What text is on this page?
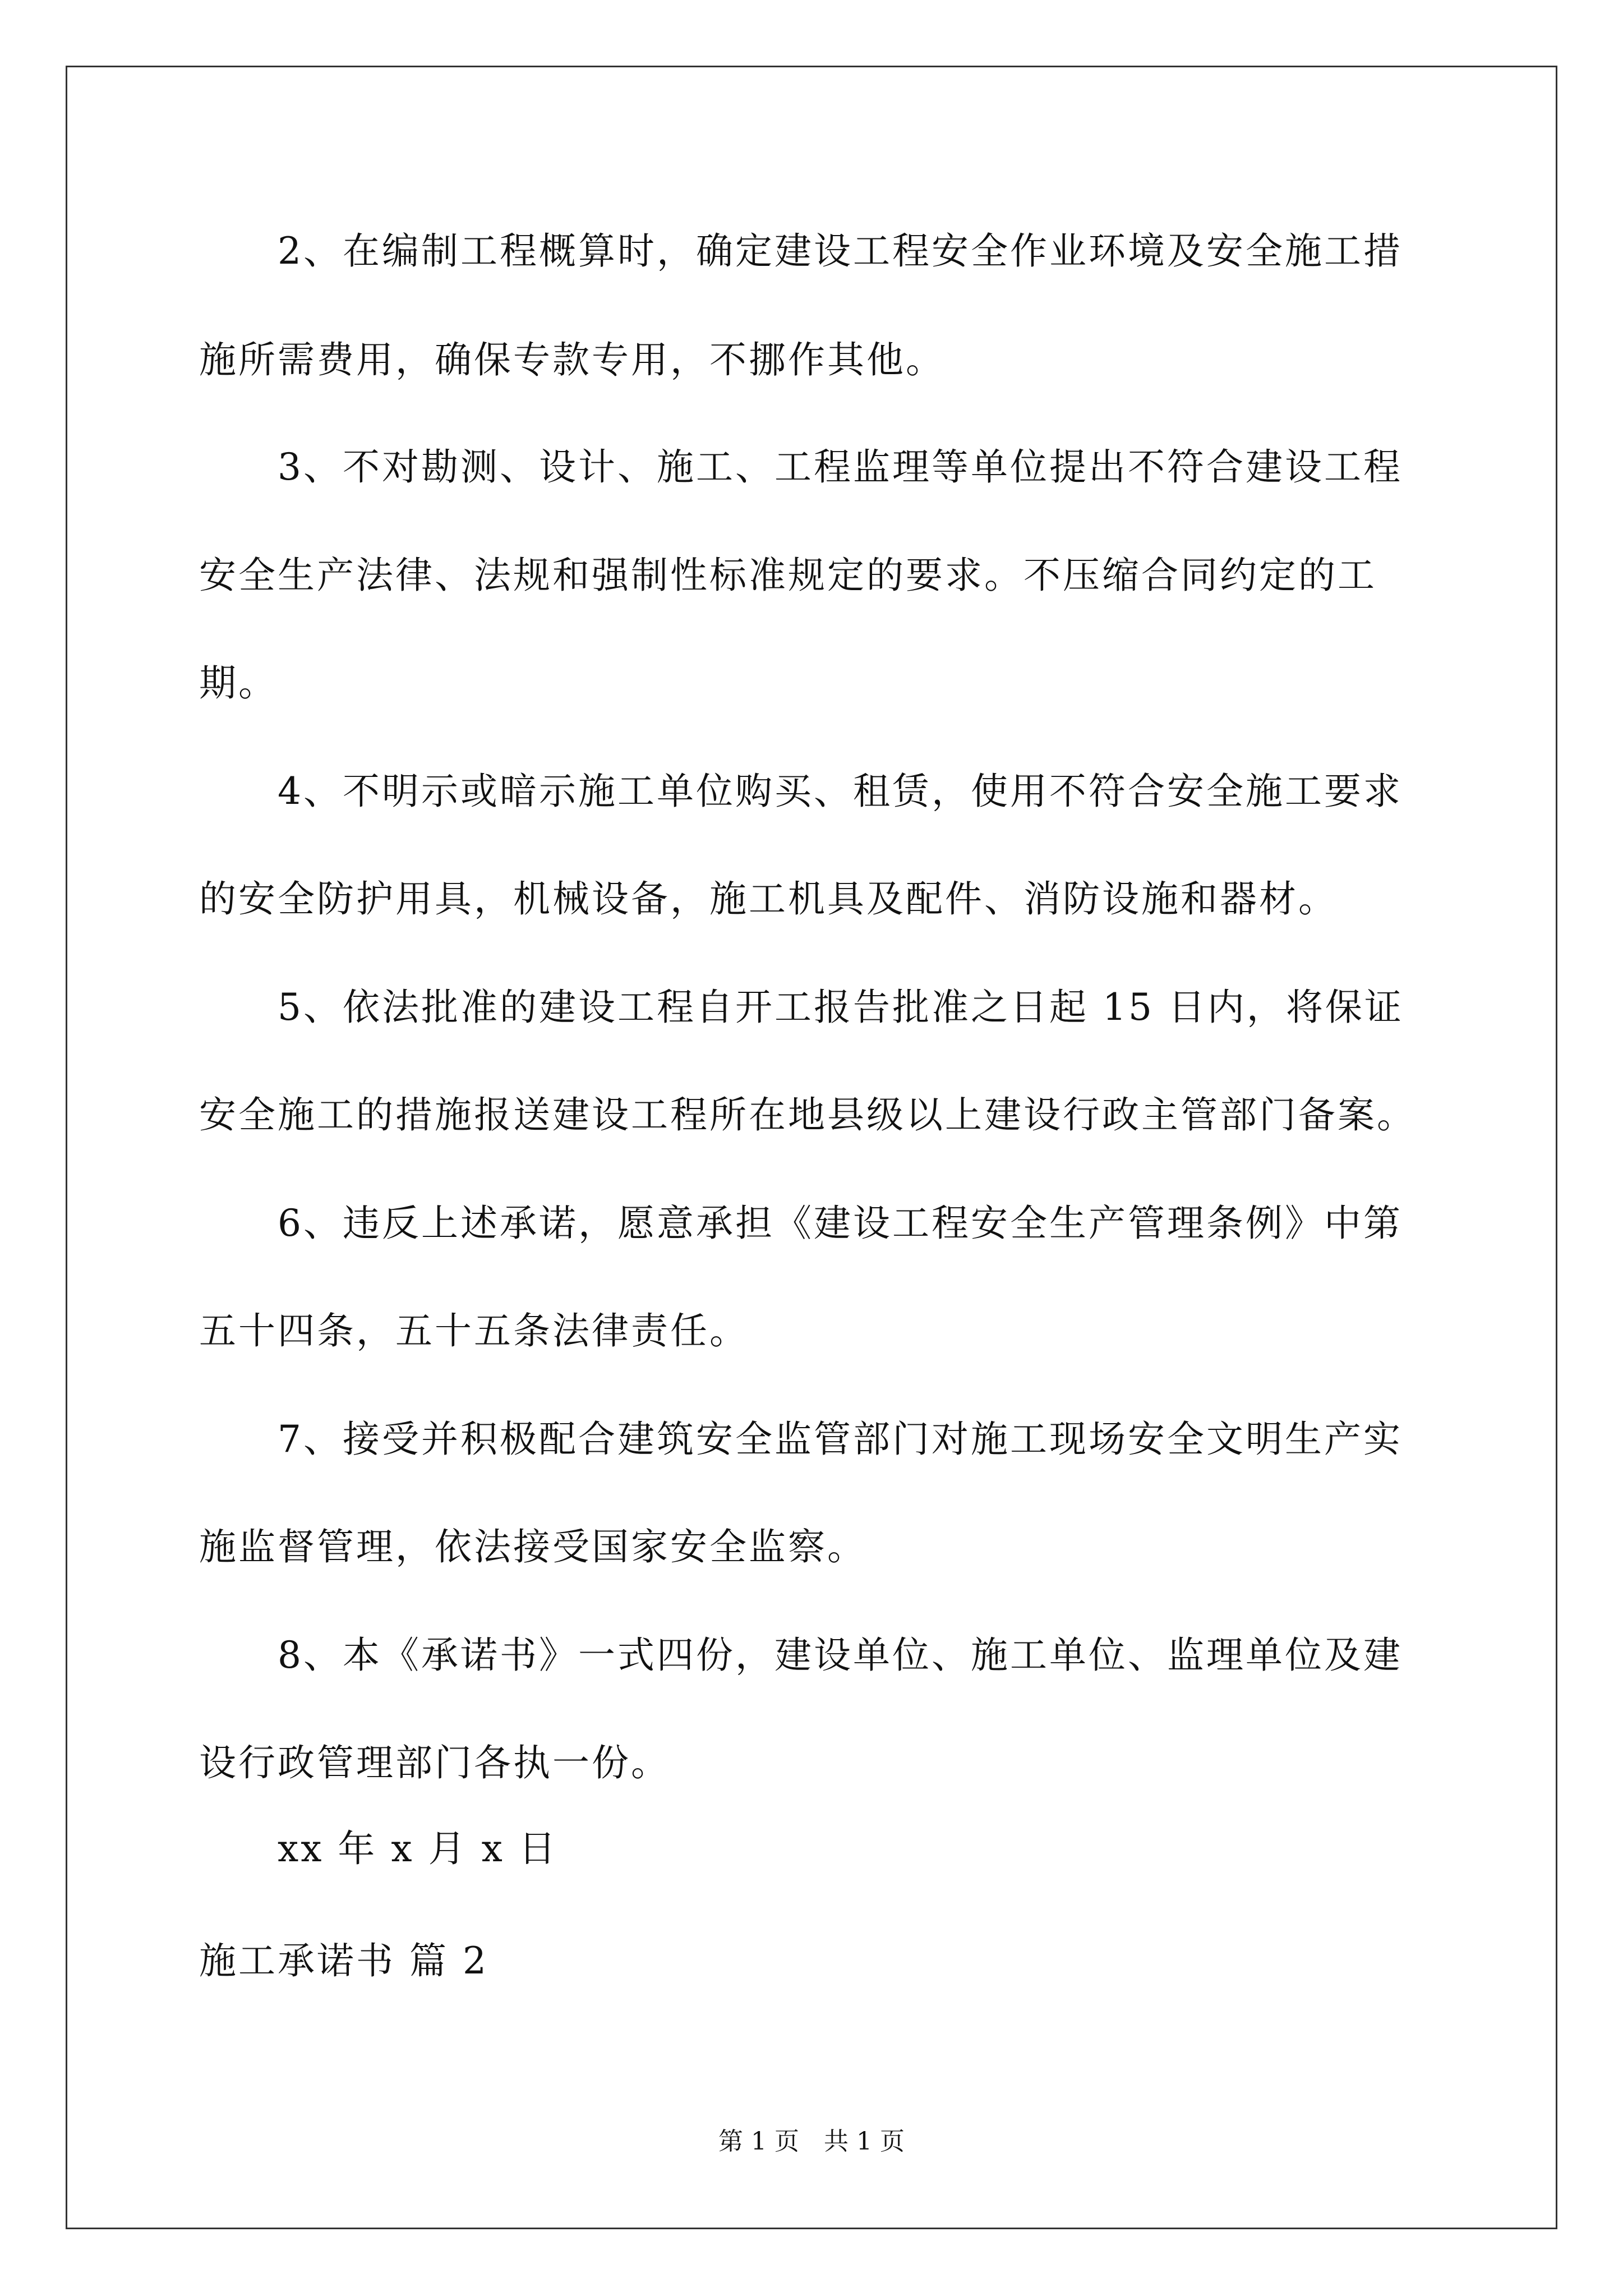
2、在编制工程概算时，确定建设工程安全作业环境及安全施工措

施所需费用，确保专款专用，不挪作其他。

3、不对勘测、设计、施工、工程监理等单位提出不符合建设工程

安全生产法律、法规和强制性标准规定的要求。不压缩合同约定的工

期。

4、不明示或暗示施工单位购买、租赁，使用不符合安全施工要求

的安全防护用具，机械设备，施工机具及配件、消防设施和器材。

5、依法批准的建设工程自开工报告批准之日起 15 日内，将保证

安全施工的措施报送建设工程所在地县级以上建设行政主管部门备案。

6、违反上述承诺，愿意承担《建设工程安全生产管理条例》中第

五十四条，五十五条法律责任。

7、接受并积极配合建筑安全监管部门对施工现场安全文明生产实

施监督管理，依法接受国家安全监察。

8、本《承诺书》一式四份，建设单位、施工单位、监理单位及建

设行政管理部门各执一份。

xx 年 x 月 x 日

施工承诺书 篇 2

第 1 页　共 1 页
